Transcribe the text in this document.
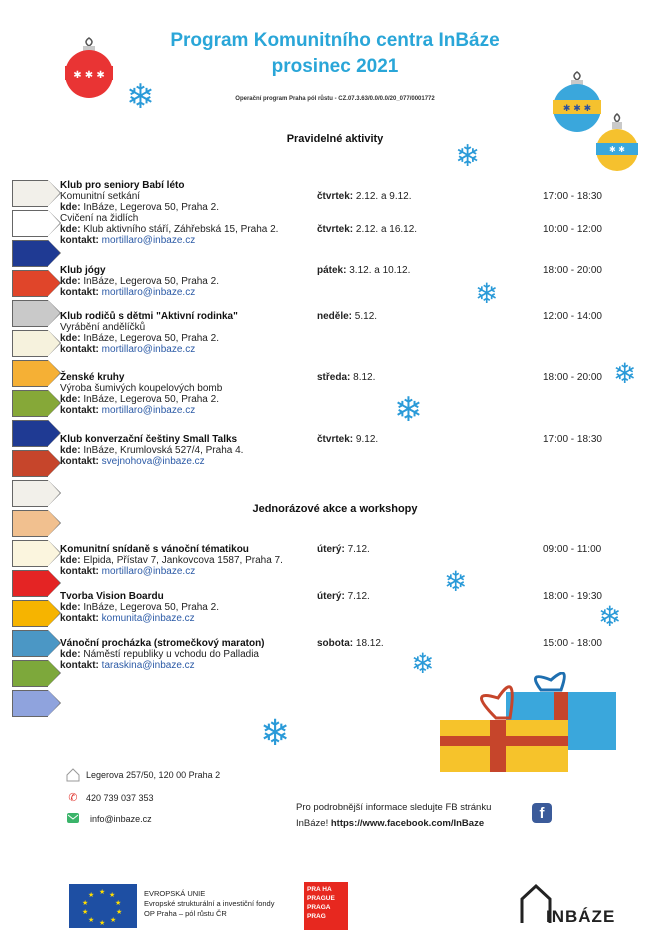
Program Komunitního centra InBáze
prosinec 2021
Operační program Praha pól růstu - CZ.07.3.63/0.0/0.0/20_077/0001772
✱ ✱ ✱
✱ ✱ ✱
✱ ✱
❄
❄
❄
❄
❄
❄
❄
❄
❄
Pravidelné aktivity
Jednorázové akce a workshopy
Klub pro seniory Babí léto
Komunitní setkání	čtvrtek: 2.12. a 9.12.	17:00 - 18:30
kde: InBáze, Legerova 50, Praha 2.
Cvičení na židlích
kde: Klub aktivního stáří, Záhřebská 15, Praha 2.	čtvrtek: 2.12. a 16.12.	10:00 - 12:00
kontakt: mortillaro@inbaze.cz
Klub jógy	pátek: 3.12. a 10.12.	18:00 - 20:00
kde: InBáze, Legerova 50, Praha 2.
kontakt: mortillaro@inbaze.cz
Klub rodičů s dětmi "Aktivní rodinka"	neděle: 5.12.	12:00 - 14:00
Vyrábění andělíčků
kde: InBáze, Legerova 50, Praha 2.
kontakt: mortillaro@inbaze.cz
Ženské kruhy	středa: 8.12.	18:00 - 20:00
Výroba šumivých koupelových bomb
kde: InBáze, Legerova 50, Praha 2.
kontakt: mortillaro@inbaze.cz
Klub konverzační češtiny Small Talks	čtvrtek: 9.12.	17:00 - 18:30
kde: InBáze, Krumlovská 527/4, Praha 4.
kontakt: svejnohova@inbaze.cz
Komunitní snídaně s vánoční tématikou	úterý: 7.12.	09:00 - 11:00
kde: Elpida, Přístav 7, Jankovcova 1587, Praha 7.
kontakt: mortillaro@inbaze.cz
Tvorba Vision Boardu	úterý: 7.12.	18:00 - 19:30
kde: InBáze, Legerova 50, Praha 2.
kontakt: komunita@inbaze.cz
Vánoční procházka (stromečkový maraton)	sobota: 18.12.	15:00 - 18:00
kde: Náměstí republiky u vchodu do Palladia
kontakt: taraskina@inbaze.cz
Legerova 257/50, 120 00 Praha 2
✆ 420 739 037 353
info@inbaze.cz
Pro podrobnější informace sledujte FB stránku
InBáze! https://www.facebook.com/InBaze
f
★ ★
★
★
★
★
★
★
★
★	EVROPSKÁ UNIE
Evropské strukturální a investiční fondy
OP Praha – pól růstu ČR
PRA HA
PRAGUE
PRAGA
PRAG	INBÁZE
